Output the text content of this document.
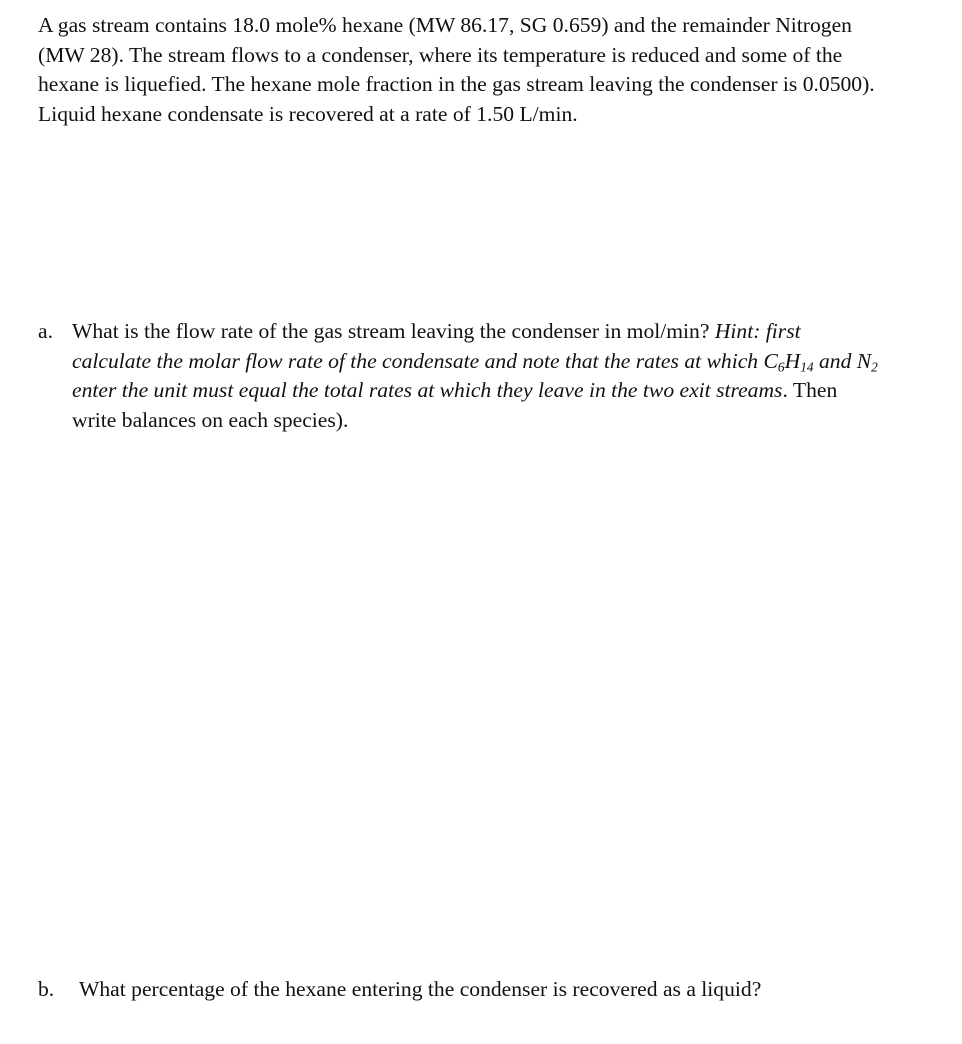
A gas stream contains 18.0 mole% hexane (MW 86.17, SG 0.659) and the remainder Nitrogen
(MW 28). The stream flows to a condenser, where its temperature is reduced and some of the
hexane is liquefied. The hexane mole fraction in the gas stream leaving the condenser is 0.0500).
Liquid hexane condensate is recovered at a rate of 1.50 L/min.
a. What is the flow rate of the gas stream leaving the condenser in mol/min? Hint: first
calculate the molar flow rate of the condensate and note that the rates at which $C_6H_{14}$ and $N_2$
enter the unit must equal the total rates at which they leave in the two exit streams. Then
write balances on each species).
b. What percentage of the hexane entering the condenser is recovered as a liquid?
